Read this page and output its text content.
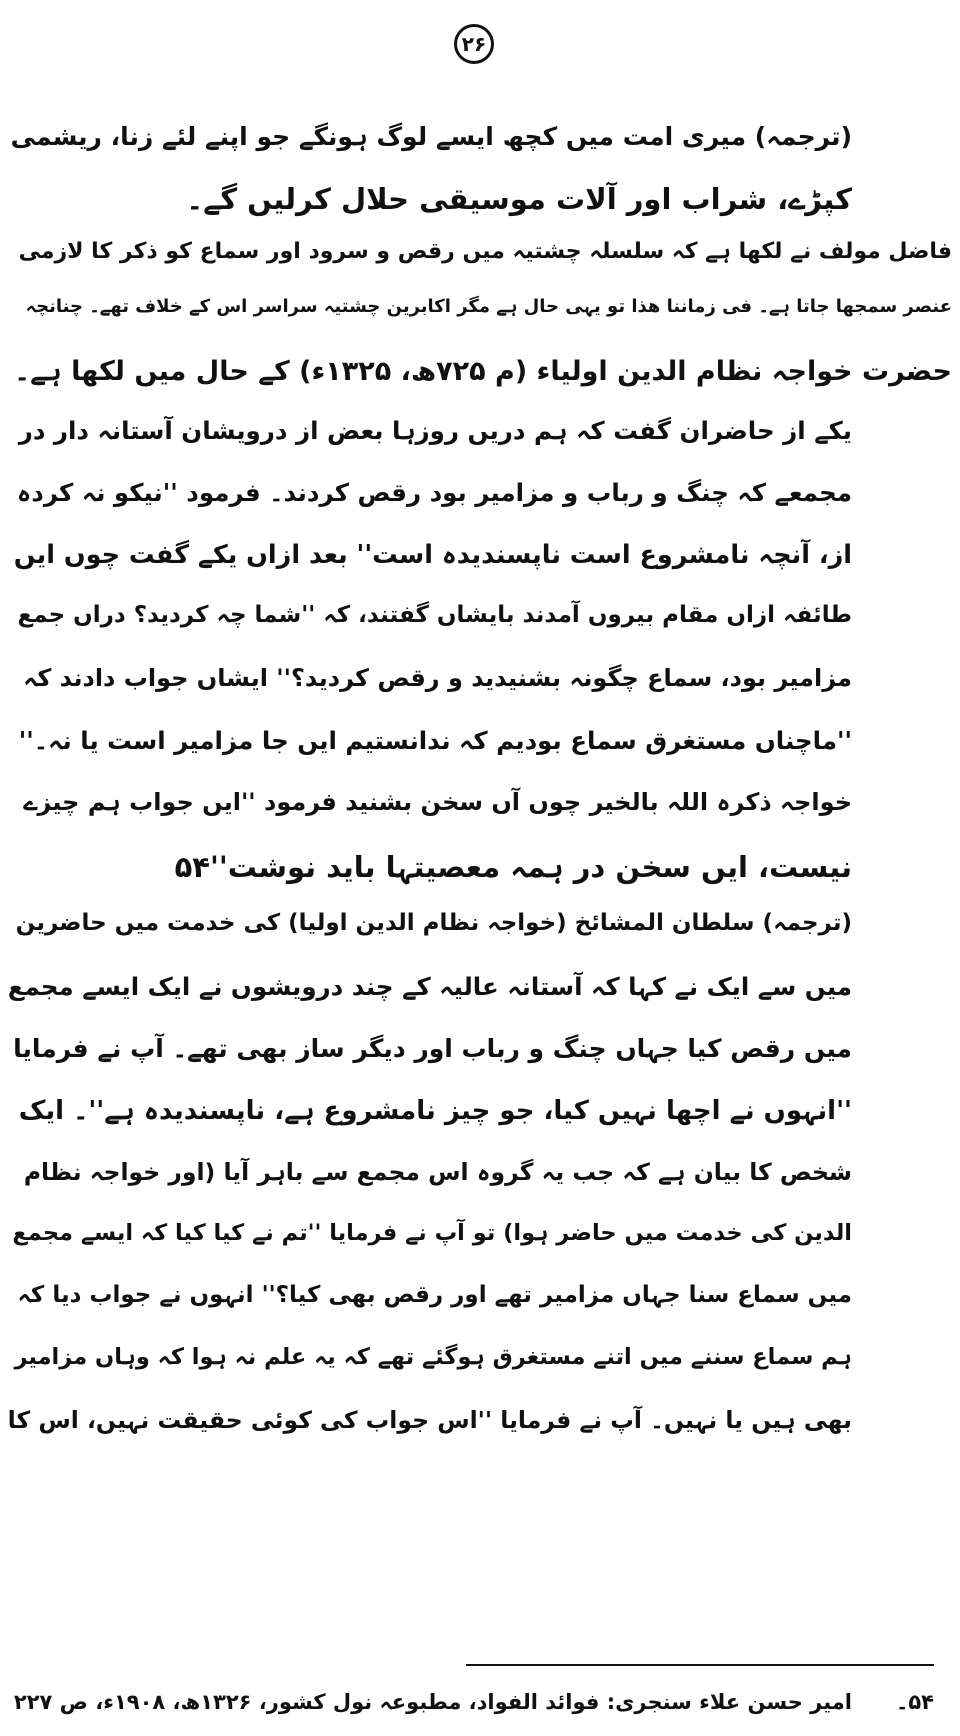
۲۶
(ترجمہ) میری امت میں کچھ ایسے لوگ ہونگے جو اپنے لئے زنا، ریشمی
کپڑے، شراب اور آلات موسیقی حلال کرلیں گے۔
فاضل مولف نے لکھا ہے کہ سلسلہ چشتیہ میں رقص و سرود اور سماع کو ذکر کا لازمی
عنصر سمجھا جاتا ہے۔ فی زماننا ھذا تو یہی حال ہے مگر اکابرین چشتیہ سراسر اس کے خلاف تھے۔ چنانچہ
حضرت خواجہ نظام الدین اولیاء (م ۷۲۵ھ، ۱۳۲۵ء) کے حال میں لکھا ہے۔
یکے از حاضران گفت کہ ہم دریں روزہا بعض از درویشان آستانہ دار در
مجمعے کہ چنگ و رباب و مزامیر بود رقص کردند۔ فرمود ''نیکو نہ کردہ
از، آنچہ نامشروع است ناپسندیدہ است'' بعد ازاں یکے گفت چوں ایں
طائفہ ازاں مقام بیروں آمدند بایشاں گفتند، کہ ''شما چہ کردید؟ دراں جمع
مزامیر بود، سماع چگونہ بشنیدید و رقص کردید؟'' ایشاں جواب دادند کہ
''ماچناں مستغرق سماع بودیم کہ ندانستیم ایں جا مزامیر است یا نہ۔''
خواجہ ذکرہ اللہ بالخیر چوں آں سخن بشنید فرمود ''ایں جواب ہم چیزے
نیست، ایں سخن در ہمہ معصیتہا باید نوشت''۵۴
(ترجمہ) سلطان المشائخ (خواجہ نظام الدین اولیا) کی خدمت میں حاضرین
میں سے ایک نے کہا کہ آستانہ عالیہ کے چند درویشوں نے ایک ایسے مجمع
میں رقص کیا جہاں چنگ و رباب اور دیگر ساز بھی تھے۔ آپ نے فرمایا
''انہوں نے اچھا نہیں کیا، جو چیز نامشروع ہے، ناپسندیدہ ہے''۔ ایک
شخص کا بیان ہے کہ جب یہ گروہ اس مجمع سے باہر آیا (اور خواجہ نظام
الدین کی خدمت میں حاضر ہوا) تو آپ نے فرمایا ''تم نے کیا کیا کہ ایسے مجمع
میں سماع سنا جہاں مزامیر تھے اور رقص بھی کیا؟'' انہوں نے جواب دیا کہ
ہم سماع سننے میں اتنے مستغرق ہوگئے تھے کہ یہ علم نہ ہوا کہ وہاں مزامیر
بھی ہیں یا نہیں۔ آپ نے فرمایا ''اس جواب کی کوئی حقیقت نہیں، اس کا
۵۴۔
امیر حسن علاء سنجری: فوائد الفواد، مطبوعہ نول کشور، ۱۳۲۶ھ، ۱۹۰۸ء، ص ۲۲۷
